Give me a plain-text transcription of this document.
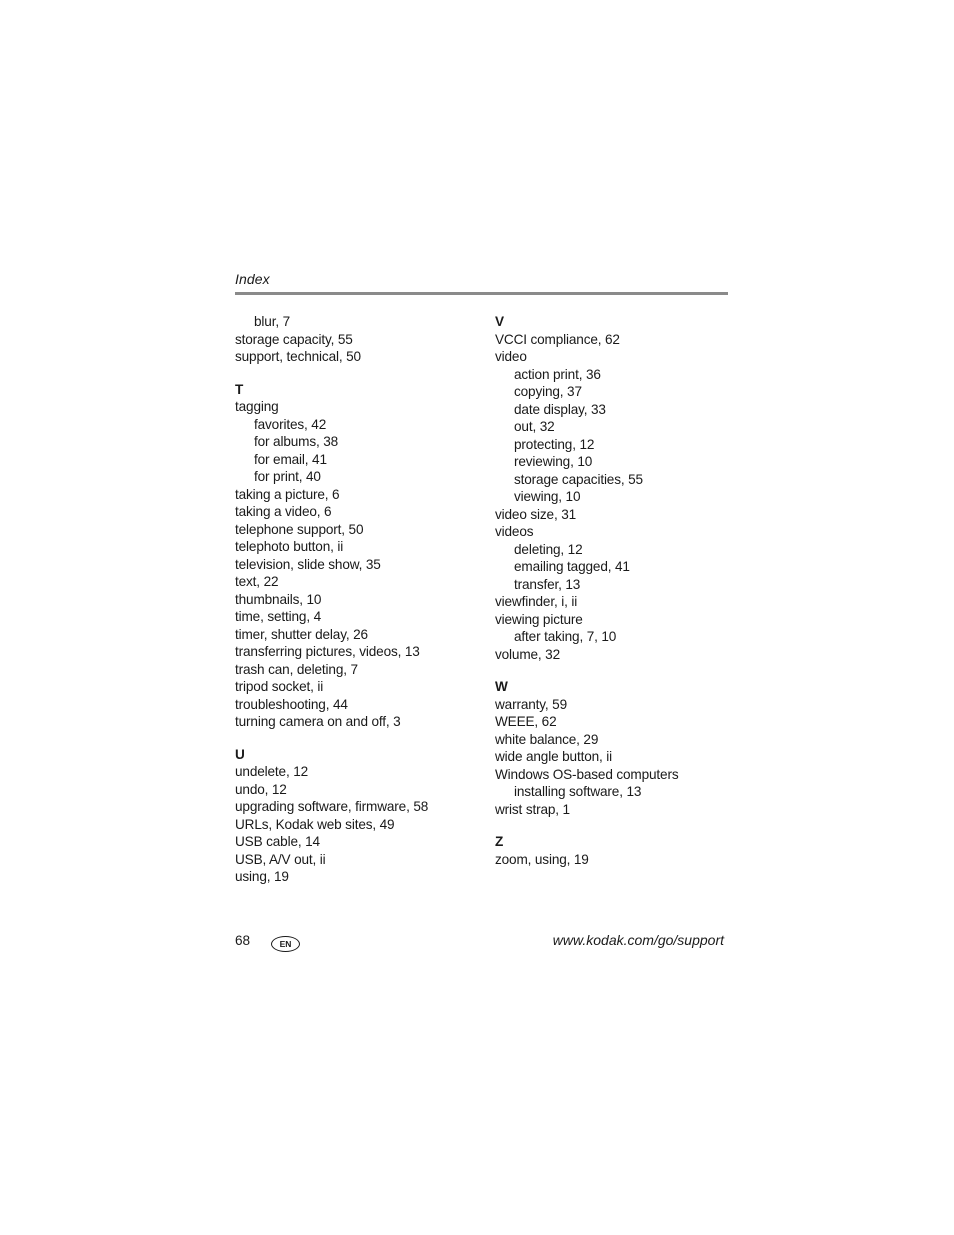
Index
blur, 7
storage capacity, 55
support, technical, 50
T
tagging
favorites, 42
for albums, 38
for email, 41
for print, 40
taking a picture, 6
taking a video, 6
telephone support, 50
telephoto button, ii
television, slide show, 35
text, 22
thumbnails, 10
time, setting, 4
timer, shutter delay, 26
transferring pictures, videos, 13
trash can, deleting, 7
tripod socket, ii
troubleshooting, 44
turning camera on and off, 3
U
undelete, 12
undo, 12
upgrading software, firmware, 58
URLs, Kodak web sites, 49
USB cable, 14
USB, A/V out, ii
using, 19
V
VCCI compliance, 62
video
action print, 36
copying, 37
date display, 33
out, 32
protecting, 12
reviewing, 10
storage capacities, 55
viewing, 10
video size, 31
videos
deleting, 12
emailing tagged, 41
transfer, 13
viewfinder, i, ii
viewing picture
after taking, 7, 10
volume, 32
W
warranty, 59
WEEE, 62
white balance, 29
wide angle button, ii
Windows OS-based computers
installing software, 13
wrist strap, 1
Z
zoom, using, 19
68	EN	www.kodak.com/go/support
